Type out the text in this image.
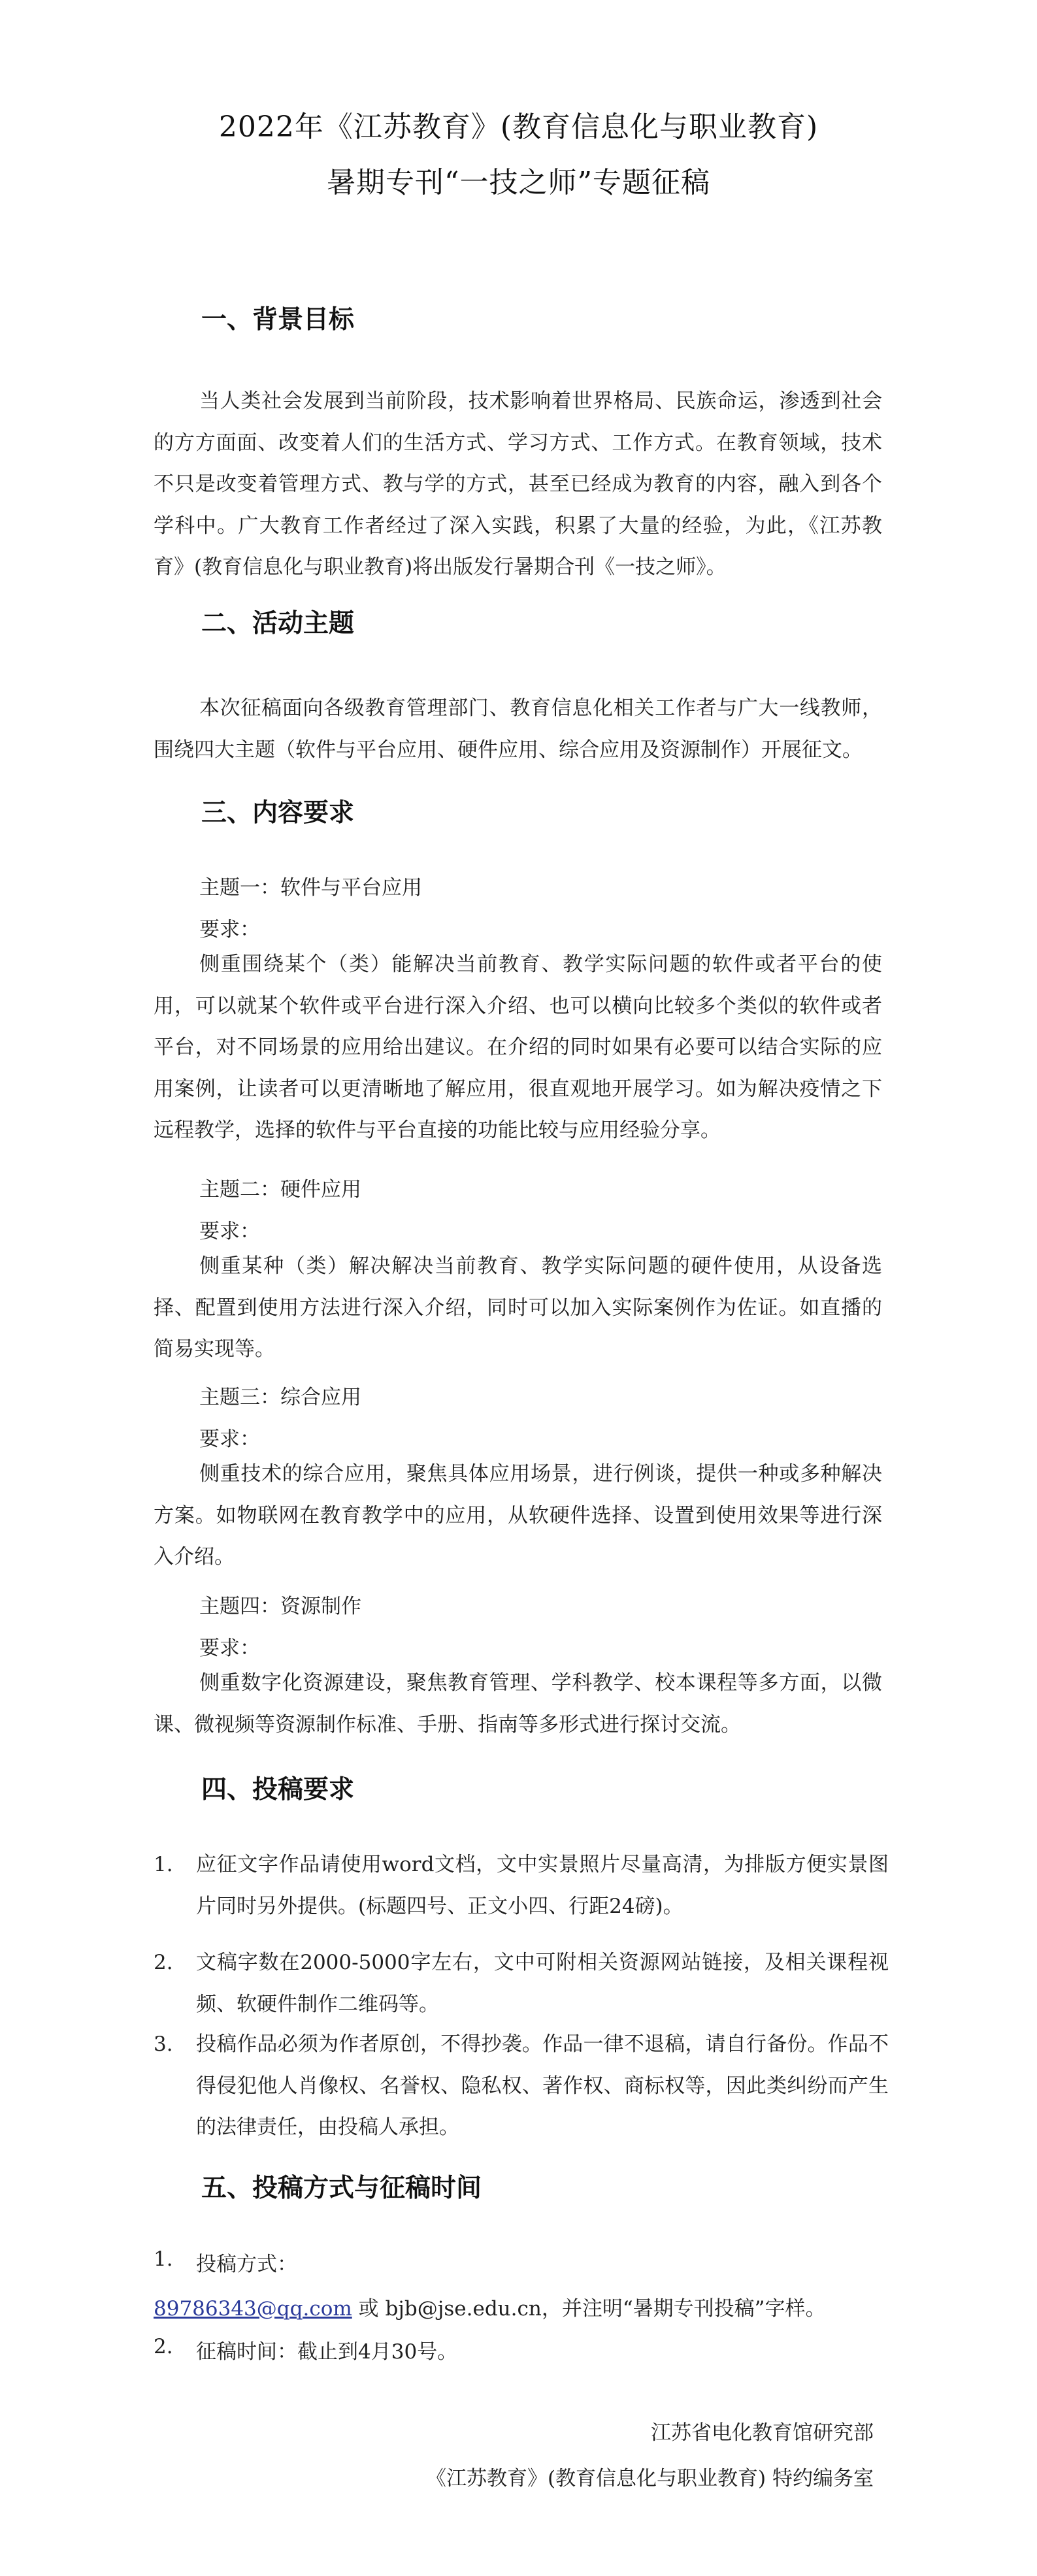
2022年《江苏教育》(教育信息化与职业教育)
暑期专刊“一技之师”专题征稿
一、背景目标

当人类社会发展到当前阶段，技术影响着世界格局、民族命运，渗透到社会的方方面面、改变着人们的生活方式、学习方式、工作方式。在教育领域，技术不只是改变着管理方式、教与学的方式，甚至已经成为教育的内容，融入到各个学科中。广大教育工作者经过了深入实践，积累了大量的经验，为此，《江苏教育》(教育信息化与职业教育)将出版发行暑期合刊《一技之师》。

二、活动主题

本次征稿面向各级教育管理部门、教育信息化相关工作者与广大一线教师，围绕四大主题（软件与平台应用、硬件应用、综合应用及资源制作）开展征文。

三、内容要求
主题一：软件与平台应用
要求：

侧重围绕某个（类）能解决当前教育、教学实际问题的软件或者平台的使用，可以就某个软件或平台进行深入介绍、也可以横向比较多个类似的软件或者平台，对不同场景的应用给出建议。在介绍的同时如果有必要可以结合实际的应用案例，让读者可以更清晰地了解应用，很直观地开展学习。如为解决疫情之下远程教学，选择的软件与平台直接的功能比较与应用经验分享。

主题二：硬件应用
要求：

侧重某种（类）解决解决当前教育、教学实际问题的硬件使用，从设备选择、配置到使用方法进行深入介绍，同时可以加入实际案例作为佐证。如直播的简易实现等。

主题三：综合应用
要求：

侧重技术的综合应用，聚焦具体应用场景，进行例谈，提供一种或多种解决方案。如物联网在教育教学中的应用，从软硬件选择、设置到使用效果等进行深入介绍。

主题四：资源制作
要求：

侧重数字化资源建设，聚焦教育管理、学科教学、校本课程等多方面，以微课、微视频等资源制作标准、手册、指南等多形式进行探讨交流。

四、投稿要求
1. 应征文字作品请使用word文档，文中实景照片尽量高清，为排版方便实景图片同时另外提供。(标题四号、正文小四、行距24磅)。

2. 文稿字数在2000-5000字左右，文中可附相关资源网站链接，及相关课程视频、软硬件制作二维码等。

3. 投稿作品必须为作者原创，不得抄袭。作品一律不退稿，请自行备份。作品不得侵犯他人肖像权、名誉权、隐私权、著作权、商标权等，因此类纠纷而产生的法律责任，由投稿人承担。

五、投稿方式与征稿时间
1. 投稿方式：
89786343@qq.com 或 bjb@jse.edu.cn，并注明“暑期专刊投稿”字样。
2. 征稿时间：截止到4月30号。
江苏省电化教育馆研究部
《江苏教育》(教育信息化与职业教育) 特约编务室
